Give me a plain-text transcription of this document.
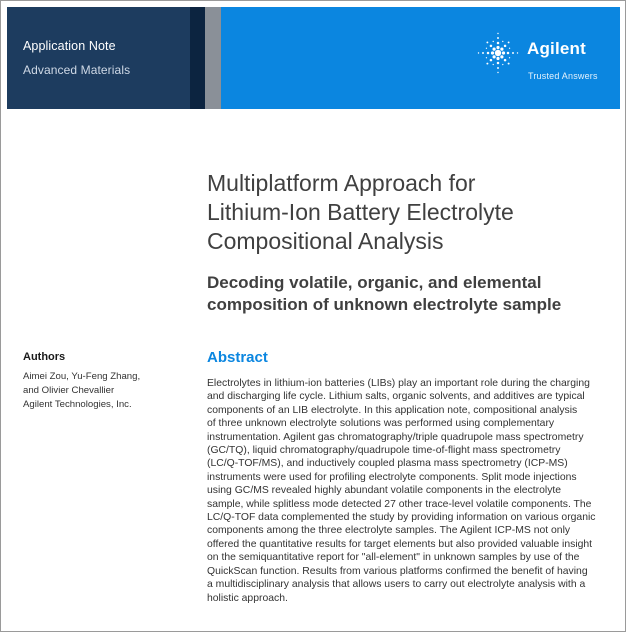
Application Note
Advanced Materials
Agilent
Trusted Answers
Multiplatform Approach for
Lithium-Ion Battery Electrolyte
Compositional Analysis
Decoding volatile, organic, and elemental
composition of unknown electrolyte sample
Authors
Aimei Zou, Yu-Feng Zhang,
and Olivier Chevallier
Agilent Technologies, Inc.
Abstract
Electrolytes in lithium-ion batteries (LIBs) play an important role during the charging
and discharging life cycle. Lithium salts, organic solvents, and additives are typical
components of an LIB electrolyte. In this application note, compositional analysis
of three unknown electrolyte solutions was performed using complementary
instrumentation. Agilent gas chromatography/triple quadrupole mass spectrometry
(GC/TQ), liquid chromatography/quadrupole time-of-flight mass spectrometry
(LC/Q-TOF/MS), and inductively coupled plasma mass spectrometry (ICP-MS)
instruments were used for profiling electrolyte components. Split mode injections
using GC/MS revealed highly abundant volatile components in the electrolyte
sample, while splitless mode detected 27 other trace-level volatile components. The
LC/Q-TOF data complemented the study by providing information on various organic
components among the three electrolyte samples. The Agilent ICP-MS not only
offered the quantitative results for target elements but also provided valuable insight
on the semiquantitative report for "all-element" in unknown samples by use of the
QuickScan function. Results from various platforms confirmed the benefit of having
a multidisciplinary analysis that allows users to carry out electrolyte analysis with a
holistic approach.
